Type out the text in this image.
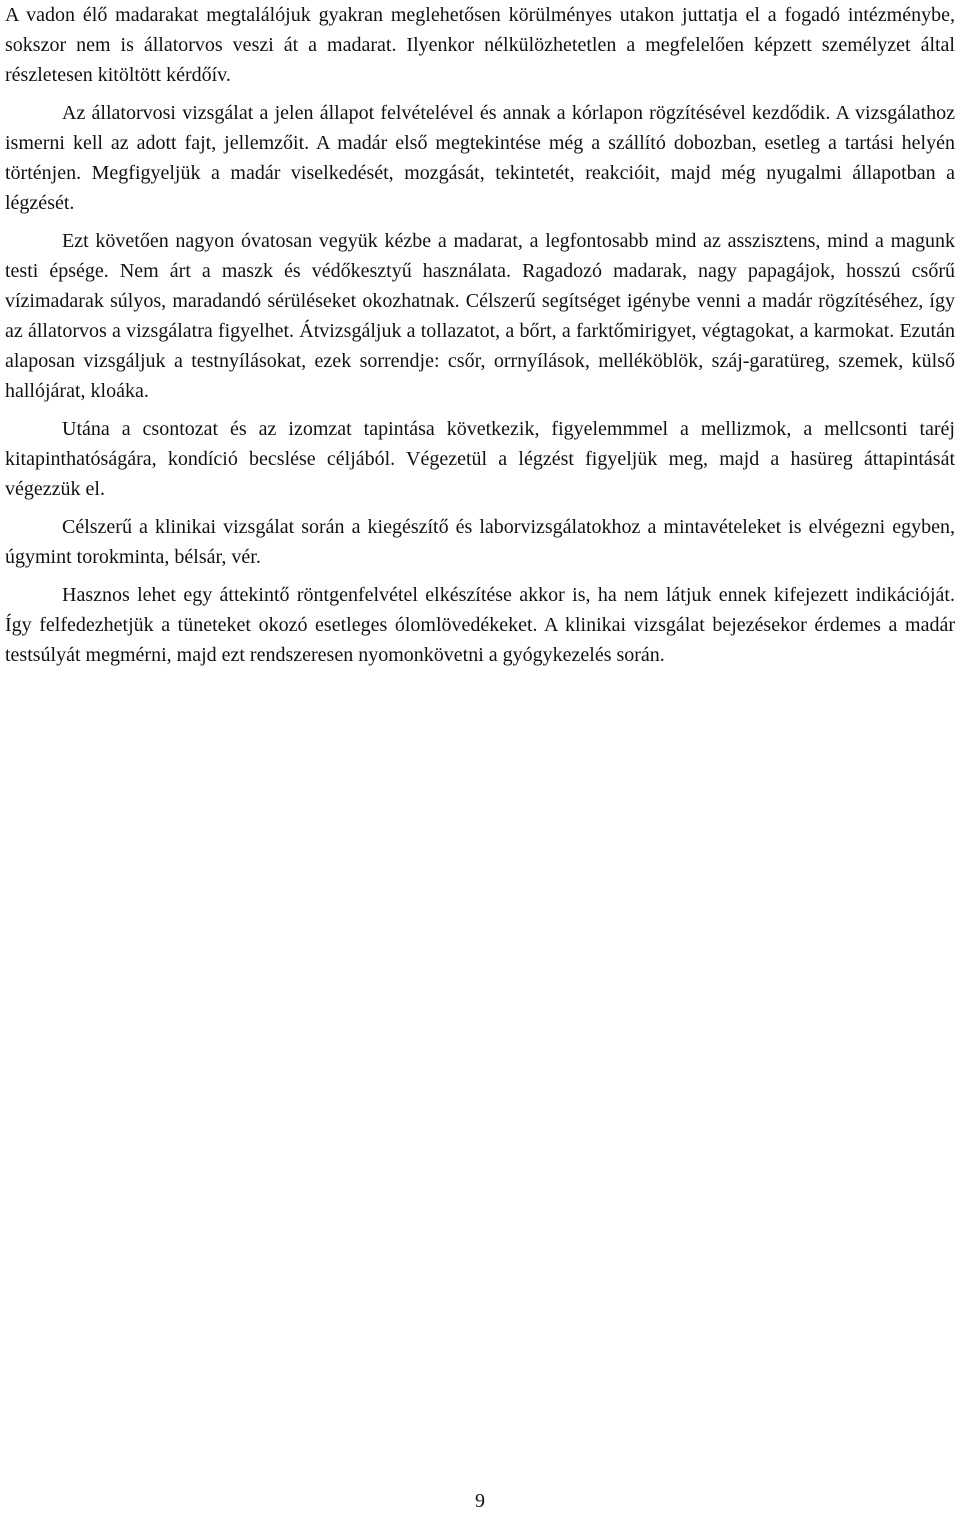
A vadon élő madarakat megtalálójuk gyakran meglehetősen körülményes utakon juttatja el a fogadó intézménybe, sokszor nem is állatorvos veszi át a madarat. Ilyenkor nélkülözhetetlen a megfelelően képzett személyzet által részletesen kitöltött kérdőív.

Az állatorvosi vizsgálat a jelen állapot felvételével és annak a kórlapon rögzítésével kezdődik. A vizsgálathoz ismerni kell az adott fajt, jellemzőit. A madár első megtekintése még a szállító dobozban, esetleg a tartási helyén történjen. Megfigyeljük a madár viselkedését, mozgását, tekintetét, reakcióit, majd még nyugalmi állapotban a légzését.

Ezt követően nagyon óvatosan vegyük kézbe a madarat, a legfontosabb mind az asszisztens, mind a magunk testi épsége. Nem árt a maszk és védőkesztyű használata. Ragadozó madarak, nagy papagájok, hosszú csőrű vízimadarak súlyos, maradandó sérüléseket okozhatnak. Célszerű segítséget igénybe venni a madár rögzítéséhez, így az állatorvos a vizsgálatra figyelhet. Átvizsgáljuk a tollazatot, a bőrt, a farktőmirigyet, végtagokat, a karmokat. Ezután alaposan vizsgáljuk a testnyílásokat, ezek sorrendje: csőr, orrnyílások, melléköblök, száj-garatüreg, szemek, külső hallójárat, kloáka.

Utána a csontozat és az izomzat tapintása következik, figyelemmmel a mellizmok, a mellcsonti taréj kitapinthatóságára, kondíció becslése céljából. Végezetül a légzést figyeljük meg, majd a hasüreg áttapintását végezzük el.

Célszerű a klinikai vizsgálat során a kiegészítő és laborvizsgálatokhoz a mintavételeket is elvégezni egyben, úgymint torokminta, bélsár, vér.

Hasznos lehet egy áttekintő röntgenfelvétel elkészítése akkor is, ha nem látjuk ennek kifejezett indikációját. Így felfedezhetjük a tüneteket okozó esetleges ólomlövedékeket. A klinikai vizsgálat bejezésekor érdemes a madár testsúlyát megmérni, majd ezt rendszeresen nyomonkövetni a gyógykezelés során.

9
